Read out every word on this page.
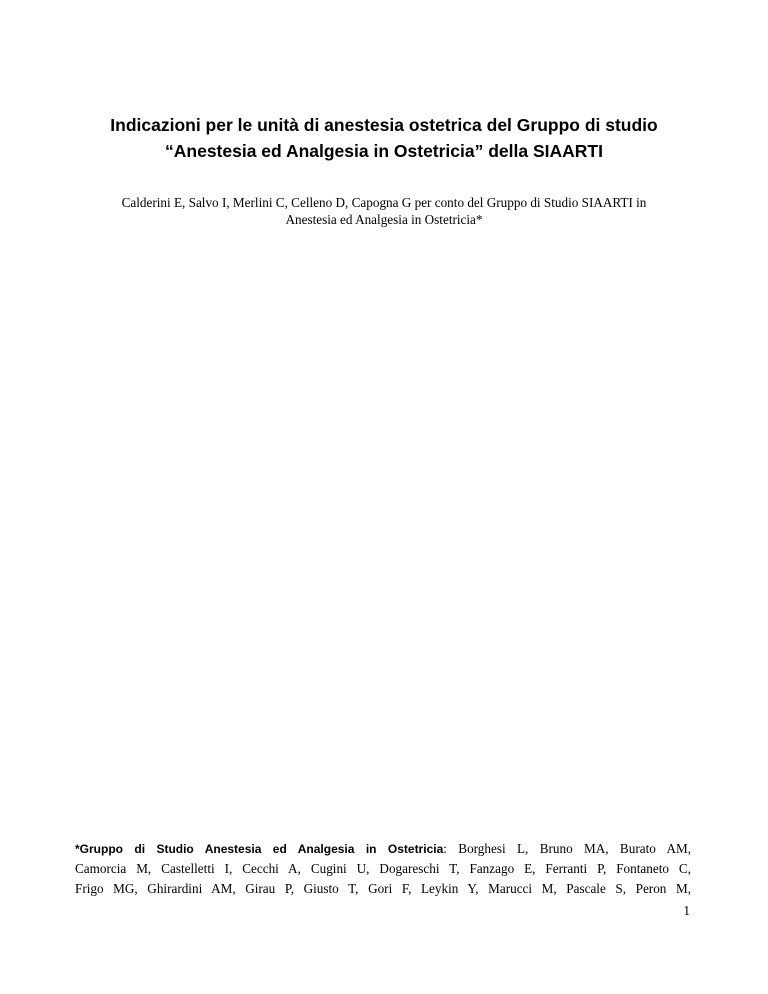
Indicazioni per le unità di anestesia ostetrica del Gruppo di studio
“Anestesia ed Analgesia in Ostetricia” della SIAARTI

Calderini E, Salvo I, Merlini C, Celleno D, Capogna G per conto del Gruppo di Studio SIAARTI in
Anestesia ed Analgesia in Ostetricia*

*Gruppo di Studio Anestesia ed Analgesia in Ostetricia: Borghesi L, Bruno MA, Burato AM,
Camorcia M, Castelletti I, Cecchi A, Cugini U, Dogareschi T, Fanzago E, Ferranti P, Fontaneto C,
Frigo MG, Ghirardini AM, Girau P, Giusto T, Gori F, Leykin Y, Marucci M, Pascale S, Peron M,
1
